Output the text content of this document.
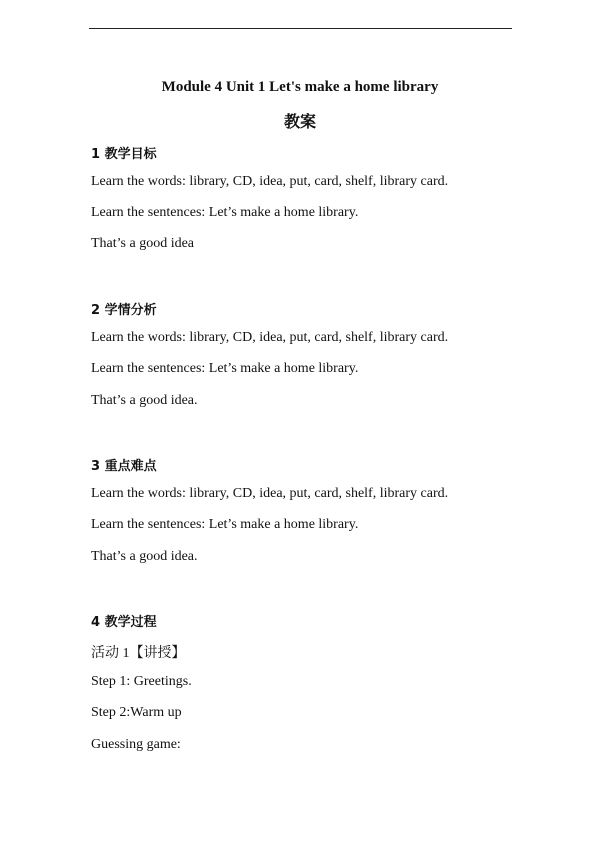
Module 4 Unit 1 Let's make a home library
教案
1 教学目标
Learn the words: library, CD, idea, put, card, shelf, library card.
Learn the sentences: Let’s make a home library.
That’s a good idea
2 学情分析
Learn the words: library, CD, idea, put, card, shelf, library card.
Learn the sentences: Let’s make a home library.
That’s a good idea.
3 重点难点
Learn the words: library, CD, idea, put, card, shelf, library card.
Learn the sentences: Let’s make a home library.
That’s a good idea.
4 教学过程
活动 1【讲授】
Step 1: Greetings.
Step 2:Warm up
Guessing game:
